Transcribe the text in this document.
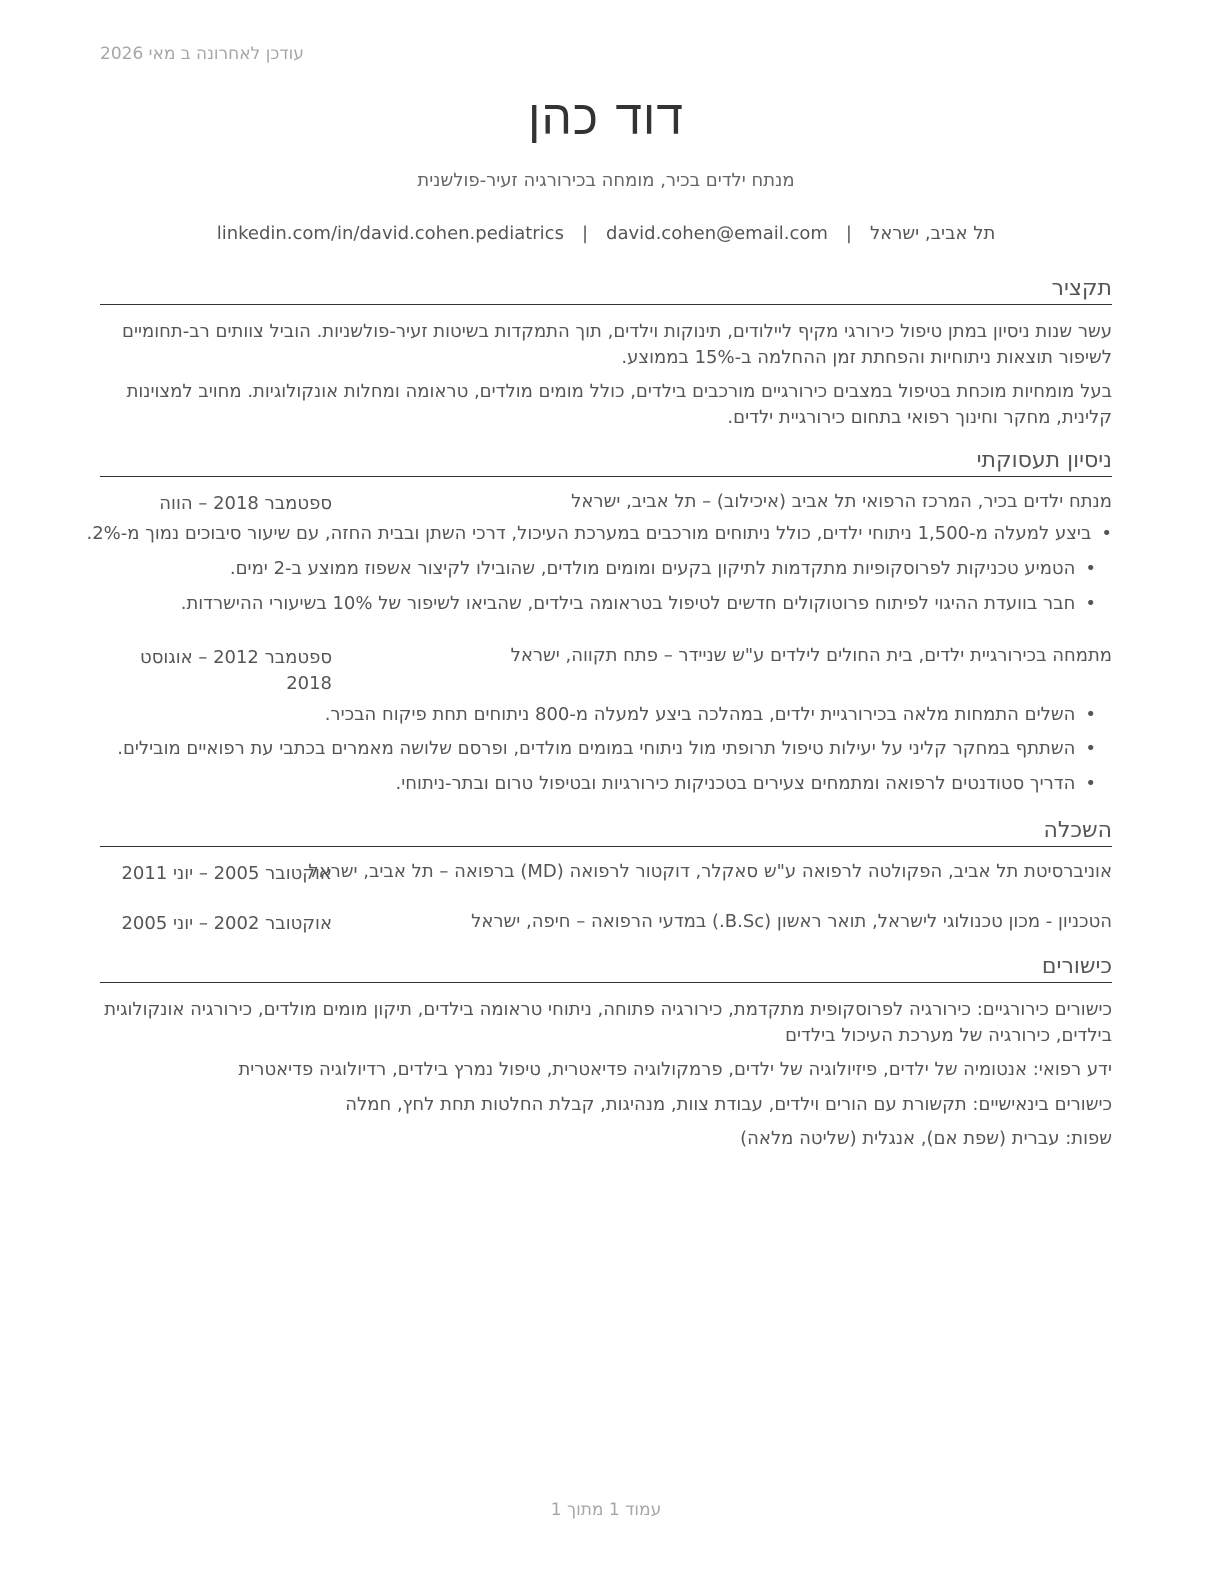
עודכן לאחרונה ב מאי 2026
דוד כהן
מנתח ילדים בכיר, מומחה בכירורגיה זעיר-פולשנית
תל אביב, ישראל|david.cohen@email.com|linkedin.com/in/david.cohen.pediatrics
תקציר
עשר שנות ניסיון במתן טיפול כירורגי מקיף ליילודים, תינוקות וילדים, תוך התמקדות בשיטות זעיר-פולשניות. הוביל צוותים רב-תחומיים לשיפור תוצאות ניתוחיות והפחתת זמן ההחלמה ב-15% בממוצע.
בעל מומחיות מוכחת בטיפול במצבים כירורגיים מורכבים בילדים, כולל מומים מולדים, טראומה ומחלות אונקולוגיות. מחויב למצוינות קלינית, מחקר וחינוך רפואי בתחום כירורגיית ילדים.
ניסיון תעסוקתי
מנתח ילדים בכיר, המרכז הרפואי תל אביב (איכילוב) – תל אביב, ישראל
ספטמבר 2018 – הווה
•ביצע למעלה מ-1,500 ניתוחי ילדים, כולל ניתוחים מורכבים במערכת העיכול, דרכי השתן ובבית החזה, עם שיעור סיבוכים נמוך מ-2%.
•הטמיע טכניקות לפרוסקופיות מתקדמות לתיקון בקעים ומומים מולדים, שהובילו לקיצור אשפוז ממוצע ב-2 ימים.
•חבר בוועדת ההיגוי לפיתוח פרוטוקולים חדשים לטיפול בטראומה בילדים, שהביאו לשיפור של 10% בשיעורי ההישרדות.
מתמחה בכירורגיית ילדים, בית החולים לילדים ע"ש שניידר – פתח תקווה, ישראל
ספטמבר 2012 – אוגוסט 2018
•השלים התמחות מלאה בכירורגיית ילדים, במהלכה ביצע למעלה מ-800 ניתוחים תחת פיקוח הבכיר.
•השתתף במחקר קליני על יעילות טיפול תרופתי מול ניתוחי במומים מולדים, ופרסם שלושה מאמרים בכתבי עת רפואיים מובילים.
•הדריך סטודנטים לרפואה ומתמחים צעירים בטכניקות כירורגיות ובטיפול טרום ובתר-ניתוחי.
השכלה
אוניברסיטת תל אביב, הפקולטה לרפואה ע"ש סאקלר, דוקטור לרפואה (MD) ברפואה – תל אביב, ישראל
אוקטובר 2005 – יוני 2011
הטכניון - מכון טכנולוגי לישראל, תואר ראשון (B.Sc.) במדעי הרפואה – חיפה, ישראל
אוקטובר 2002 – יוני 2005
כישורים
כישורים כירורגיים: כירורגיה לפרוסקופית מתקדמת, כירורגיה פתוחה, ניתוחי טראומה בילדים, תיקון מומים מולדים, כירורגיה אונקולוגית בילדים, כירורגיה של מערכת העיכול בילדים
ידע רפואי: אנטומיה של ילדים, פיזיולוגיה של ילדים, פרמקולוגיה פדיאטרית, טיפול נמרץ בילדים, רדיולוגיה פדיאטרית
כישורים בינאישיים: תקשורת עם הורים וילדים, עבודת צוות, מנהיגות, קבלת החלטות תחת לחץ, חמלה
שפות: עברית (שפת אם), אנגלית (שליטה מלאה)
עמוד 1 מתוך 1
